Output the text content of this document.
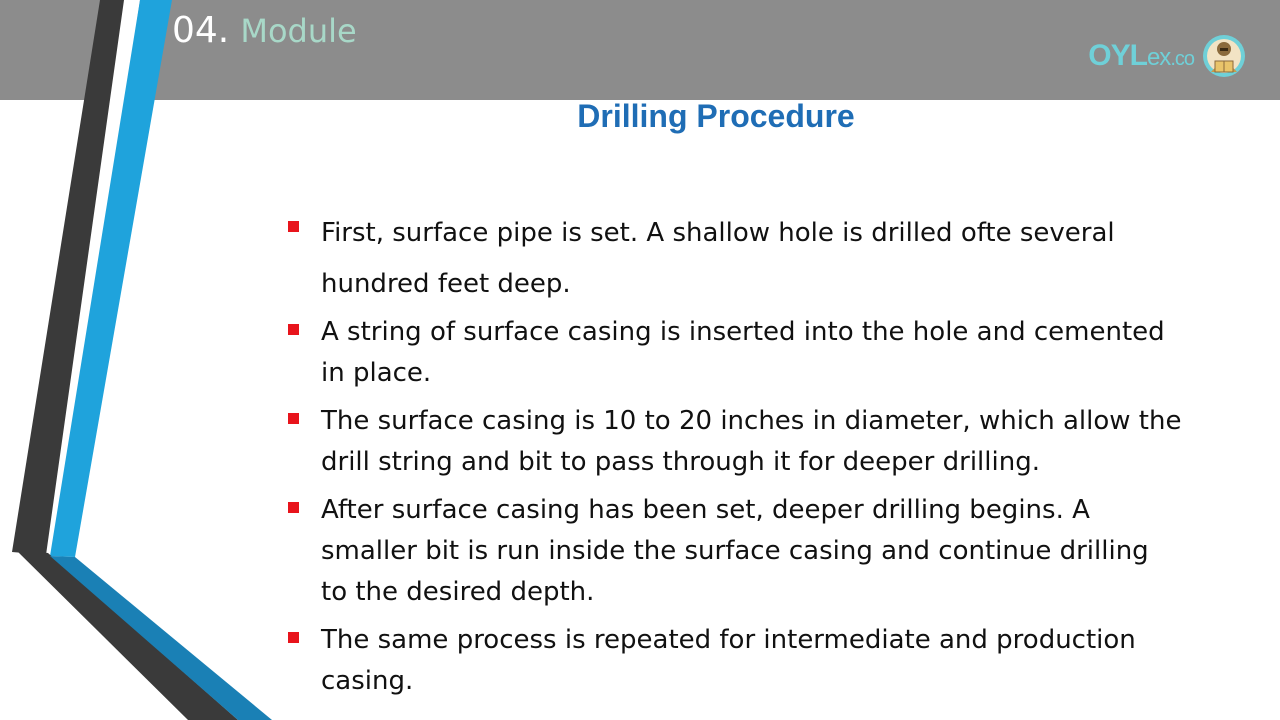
04. Module
OYLex.co
Drilling Procedure
First, surface pipe is set. A shallow hole is drilled ofte several hundred feet deep.
A string of surface casing is inserted into the hole and cemented in place.
The surface casing is 10 to 20 inches in diameter, which allow the drill string and bit to pass through it for deeper drilling.
After surface casing has been set, deeper drilling begins. A smaller bit is run inside the surface casing and continue drilling to the desired depth.
The same process is repeated for intermediate and production casing.
